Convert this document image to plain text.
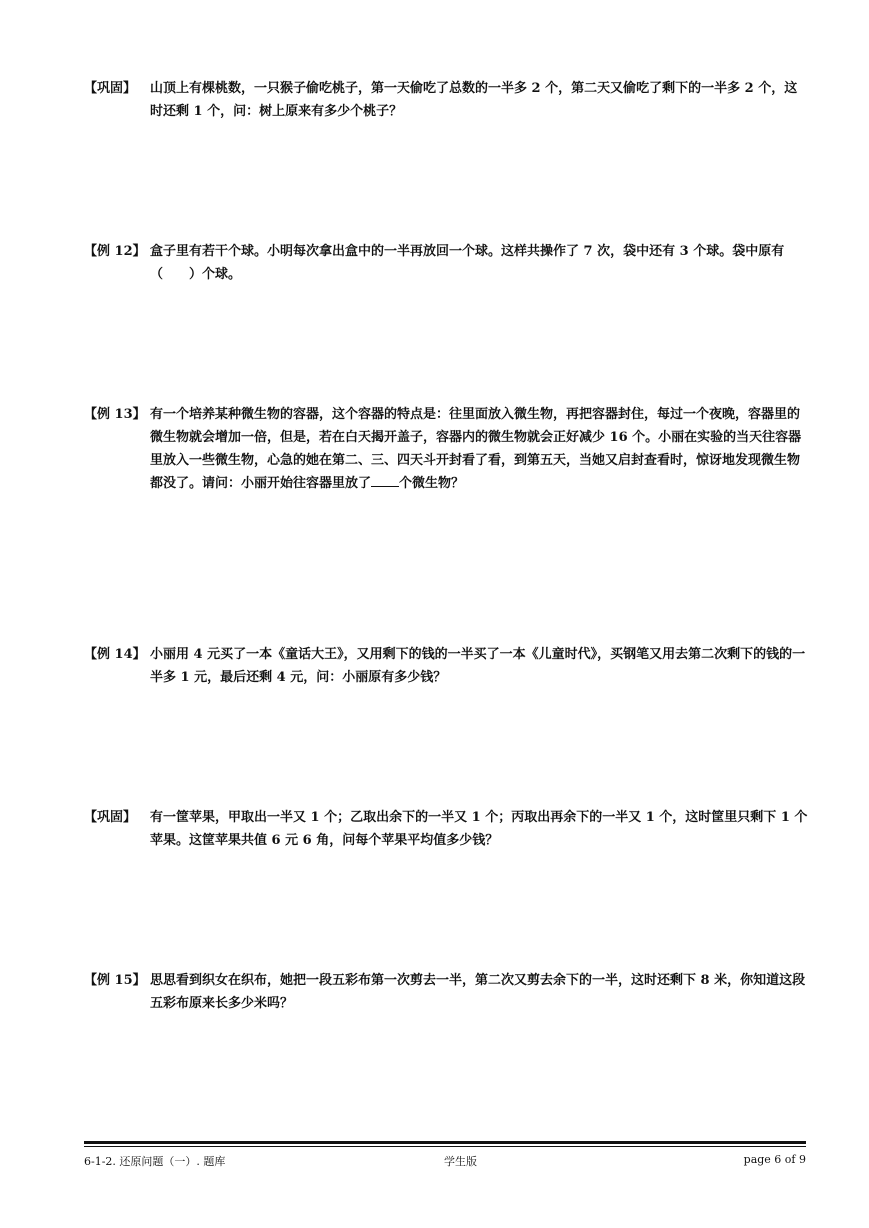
【巩固】 山顶上有棵桃数，一只猴子偷吃桃子，第一天偷吃了总数的一半多 2 个，第二天又偷吃了剩下的一半多 2 个，这时还剩 1 个，问：树上原来有多少个桃子？
【例 12】 盒子里有若干个球。小明每次拿出盒中的一半再放回一个球。这样共操作了 7 次，袋中还有 3 个球。袋中原有（　　）个球。
【例 13】 有一个培养某种微生物的容器，这个容器的特点是：往里面放入微生物，再把容器封住，每过一个夜晚，容器里的微生物就会增加一倍，但是，若在白天揭开盖子，容器内的微生物就会正好减少 16 个。小丽在实验的当天往容器里放入一些微生物，心急的她在第二、三、四天斗开封看了看，到第五天，当她又启封查看时，惊讶地发现微生物都没了。请问：小丽开始往容器里放了 个微生物？
【例 14】 小丽用 4 元买了一本《童话大王》，又用剩下的钱的一半买了一本《儿童时代》，买钢笔又用去第二次剩下的钱的一半多 1 元，最后还剩 4 元，问：小丽原有多少钱？
【巩固】 有一筐苹果，甲取出一半又 1 个；乙取出余下的一半又 1 个；丙取出再余下的一半又 1 个，这时筐里只剩下 1 个苹果。这筐苹果共值 6 元 6 角，问每个苹果平均值多少钱？
【例 15】 思思看到织女在织布，她把一段五彩布第一次剪去一半，第二次又剪去余下的一半，这时还剩下 8 米，你知道这段五彩布原来长多少米吗？
6-1-2. 还原问题（一）. 题库	学生版	page 6 of 9
